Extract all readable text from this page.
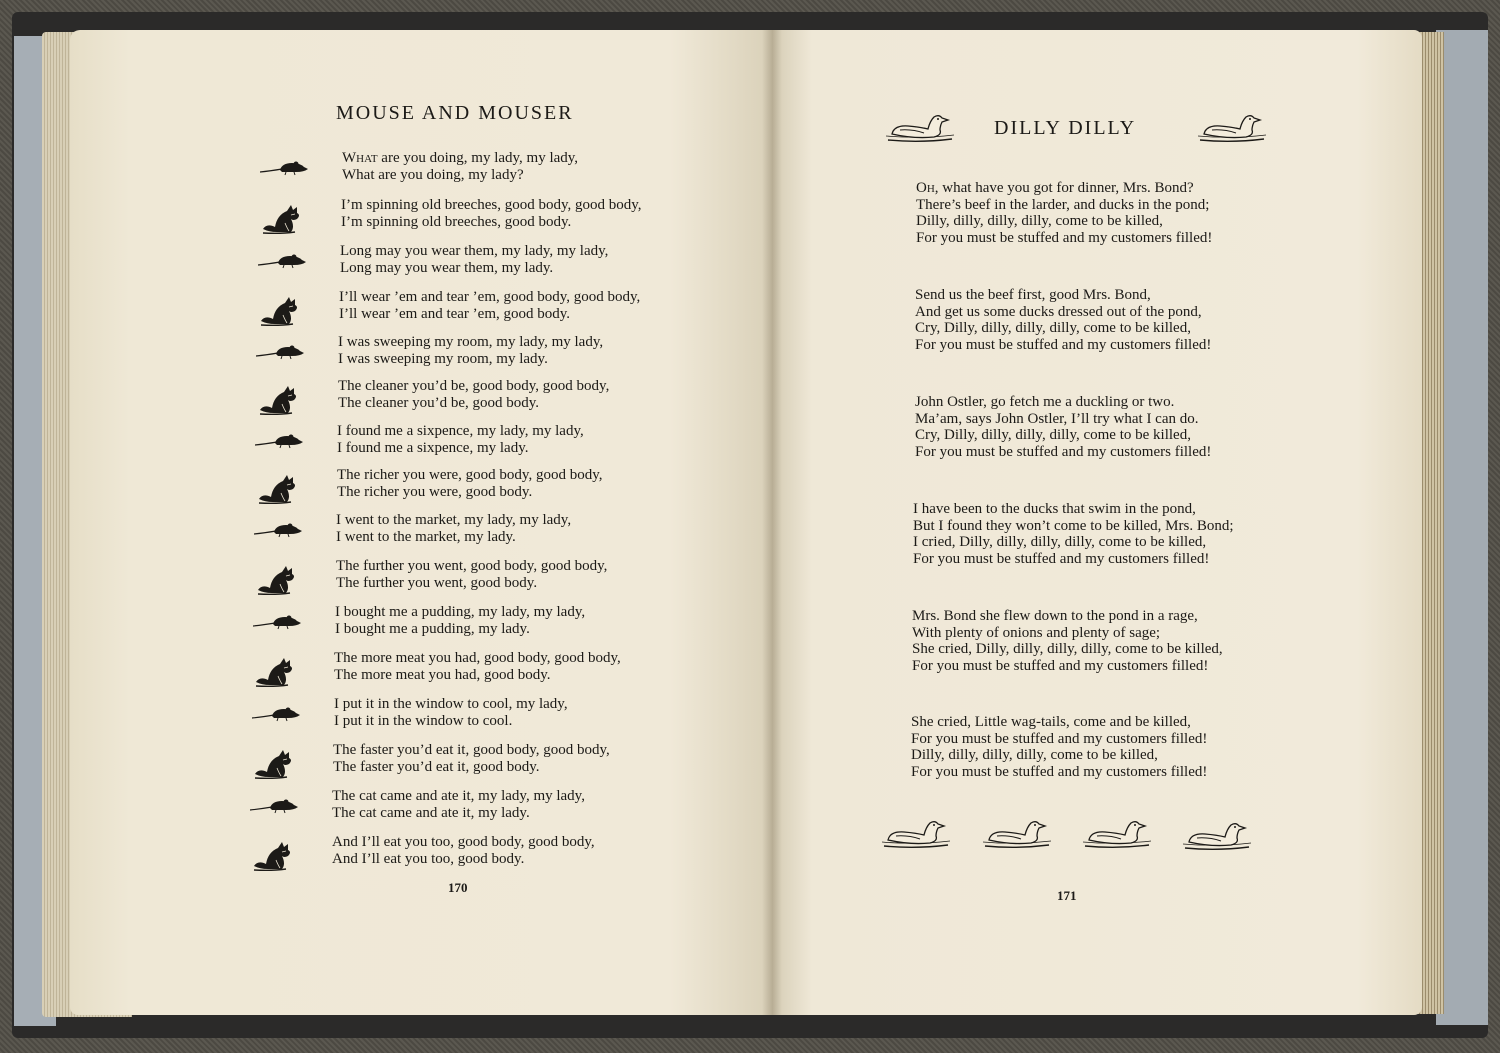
MOUSE AND MOUSER
What are you doing, my lady, my lady,
What are you doing, my lady?
I’m spinning old breeches, good body, good body,
I’m spinning old breeches, good body.
Long may you wear them, my lady, my lady,
Long may you wear them, my lady.
I’ll wear ’em and tear ’em, good body, good body,
I’ll wear ’em and tear ’em, good body.
I was sweeping my room, my lady, my lady,
I was sweeping my room, my lady.
The cleaner you’d be, good body, good body,
The cleaner you’d be, good body.
I found me a sixpence, my lady, my lady,
I found me a sixpence, my lady.
The richer you were, good body, good body,
The richer you were, good body.
I went to the market, my lady, my lady,
I went to the market, my lady.
The further you went, good body, good body,
The further you went, good body.
I bought me a pudding, my lady, my lady,
I bought me a pudding, my lady.
The more meat you had, good body, good body,
The more meat you had, good body.
I put it in the window to cool, my lady,
I put it in the window to cool.
The faster you’d eat it, good body, good body,
The faster you’d eat it, good body.
The cat came and ate it, my lady, my lady,
The cat came and ate it, my lady.
And I’ll eat you too, good body, good body,
And I’ll eat you too, good body.
170
DILLY DILLY
Oh, what have you got for dinner, Mrs. Bond?
There’s beef in the larder, and ducks in the pond;
Dilly, dilly, dilly, dilly, come to be killed,
For you must be stuffed and my customers filled!
Send us the beef first, good Mrs. Bond,
And get us some ducks dressed out of the pond,
Cry, Dilly, dilly, dilly, dilly, come to be killed,
For you must be stuffed and my customers filled!
John Ostler, go fetch me a duckling or two.
Ma’am, says John Ostler, I’ll try what I can do.
Cry, Dilly, dilly, dilly, dilly, come to be killed,
For you must be stuffed and my customers filled!
I have been to the ducks that swim in the pond,
But I found they won’t come to be killed, Mrs. Bond;
I cried, Dilly, dilly, dilly, dilly, come to be killed,
For you must be stuffed and my customers filled!
Mrs. Bond she flew down to the pond in a rage,
With plenty of onions and plenty of sage;
She cried, Dilly, dilly, dilly, dilly, come to be killed,
For you must be stuffed and my customers filled!
She cried, Little wag-tails, come and be killed,
For you must be stuffed and my customers filled!
Dilly, dilly, dilly, dilly, come to be killed,
For you must be stuffed and my customers filled!
171
